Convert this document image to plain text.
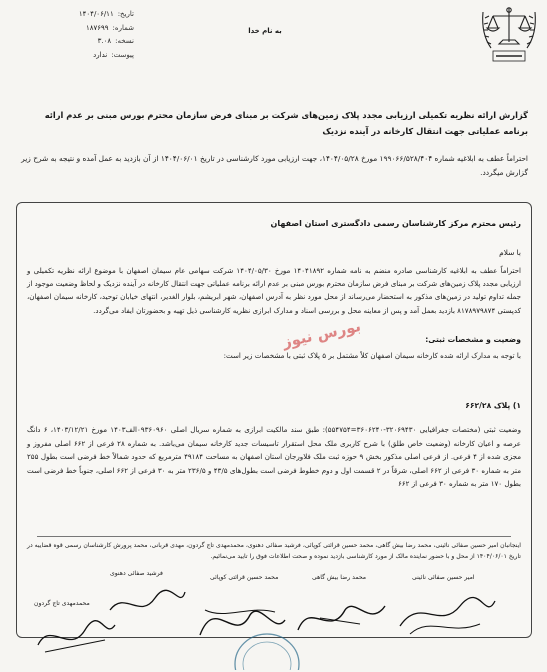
به نام خدا
تاریخ:
۱۴۰۴/۰۶/۱۱
شماره:
۱۸۷۶۹۹
نسخه:
۳.۰۸
پیوست:
ندارد
گزارش ارائه نظریه تکمیلی ارزیابی مجدد پلاک زمین‌های شرکت بر مبنای فرض سازمان محترم بورس مبنی بر عدم ارائه برنامه عملیاتی جهت انتقال کارخانه در آینده نزدیک
احتراماً عطف به ابلاغیه شماره ۱۹۹۰۶۶/۵۲۸/۴۰۴ مورخ ۱۴۰۴/۰۵/۲۸، جهت ارزیابی مورد کارشناسی در تاریخ ۱۴۰۴/۰۶/۰۱ از آن بازدید به عمل آمده و نتیجه به شرح زیر گزارش میگردد.
رئیس محترم مرکز کارشناسان رسمی دادگستری استان اصفهان
با سلام
احتراماً عطف به ابلاغیه کارشناسی صادره منضم به نامه شماره ۱۴۰۴۱۸۹۲ مورخ ۱۴۰۴/۰۵/۳۰ شرکت سهامی عام سیمان اصفهان با موضوع ارائه نظریه تکمیلی و ارزیابی مجدد پلاک زمین‌های شرکت بر مبنای فرض سازمان محترم بورس مبنی بر عدم ارائه برنامه عملیاتی جهت انتقال کارخانه در آینده نزدیک و لحاظ وضعیت موجود از جمله تداوم تولید در زمین‌های مذکور به استحضار می‌رساند از محل مورد نظر به آدرس اصفهان، شهر ابریشم، بلوار الغدیر، انتهای خیابان توحید، کارخانه سیمان اصفهان، کدپستی ۸۱۷۸۹۷۹۸۷۴ بازدید بعمل آمد و پس از معاینه محل و بررسی اسناد و مدارک ابرازی نظریه کارشناسی ذیل تهیه و بحضورتان ایفاد می‌گردد.
وضعیت و مشخصات ثبتی:
با توجه به مدارک ارائه شده کارخانه سیمان اصفهان کلاً مشتمل بر ۵ پلاک ثبتی با مشخصات زیر است:
۱) پلاک ۶۶۲/۲۸
وضعیت ثبتی (مختصات جغرافیایی ۳۲۰۶۹۴۳۰-۳۶۰۶۲۴۰=۵۵۴۷۵۴): طبق سند مالکیت ابرازی به شماره سریال اصلی ۰۹۳۶۰۹۶۰الف۱۴۰۳ مورخ ۱۴۰۳/۱۲/۲۱، ۶ دانگ عرصه و اعیان کارخانه (وضعیت خاص طلق) با شرح کاربری ملک محل استقرار تاسیسات جدید کارخانه سیمان می‌باشد. به شماره ۲۸ فرعی از ۶۶۲ اصلی مفروز و مجزی شده از ۴ فرعی. از فرعی اصلی مذکور بخش ۹ حوزه ثبت ملک فلاورجان استان اصفهان به مساحت ۴۹۱۸۴ مترمربع که حدود شمالاً خط فرضی است بطول ۲۵۵ متر به شماره ۳۰ فرعی از ۶۶۲ اصلی، شرقاً در ۲ قسمت اول و دوم خطوط فرضی است بطول‌های ۴۳/۵ و ۲۳۶/۵ متر به ۳۰ فرعی از ۶۶۲ اصلی، جنوباً خط فرضی است بطول ۱۷۰ متر به شماره ۳۰ فرعی از ۶۶۲
اینجانبان امیر حسین صفائی نائینی، محمد رضا بیش گاهی، محمد حسین قرائتی کوپائی، فرشید صفائی دهنوی، محمدمهدی تاج گردون، مهدی قربانی، محمد پرورش کارشناسان رسمی قوه قضاییه در تاریخ ۱۴۰۴/۰۶/۰۱ از محل و با حضور نماینده مالک از مورد کارشناسی بازدید نموده و صحت اطلاعات فوق را تایید می‌نمائیم.
بورس نیوز
امیر حسین صفائی نائینی
محمد رضا بیش گاهی
محمد حسین قرائتی کوپائی
فرشید صفائی دهنوی
محمدمهدی تاج گردون
